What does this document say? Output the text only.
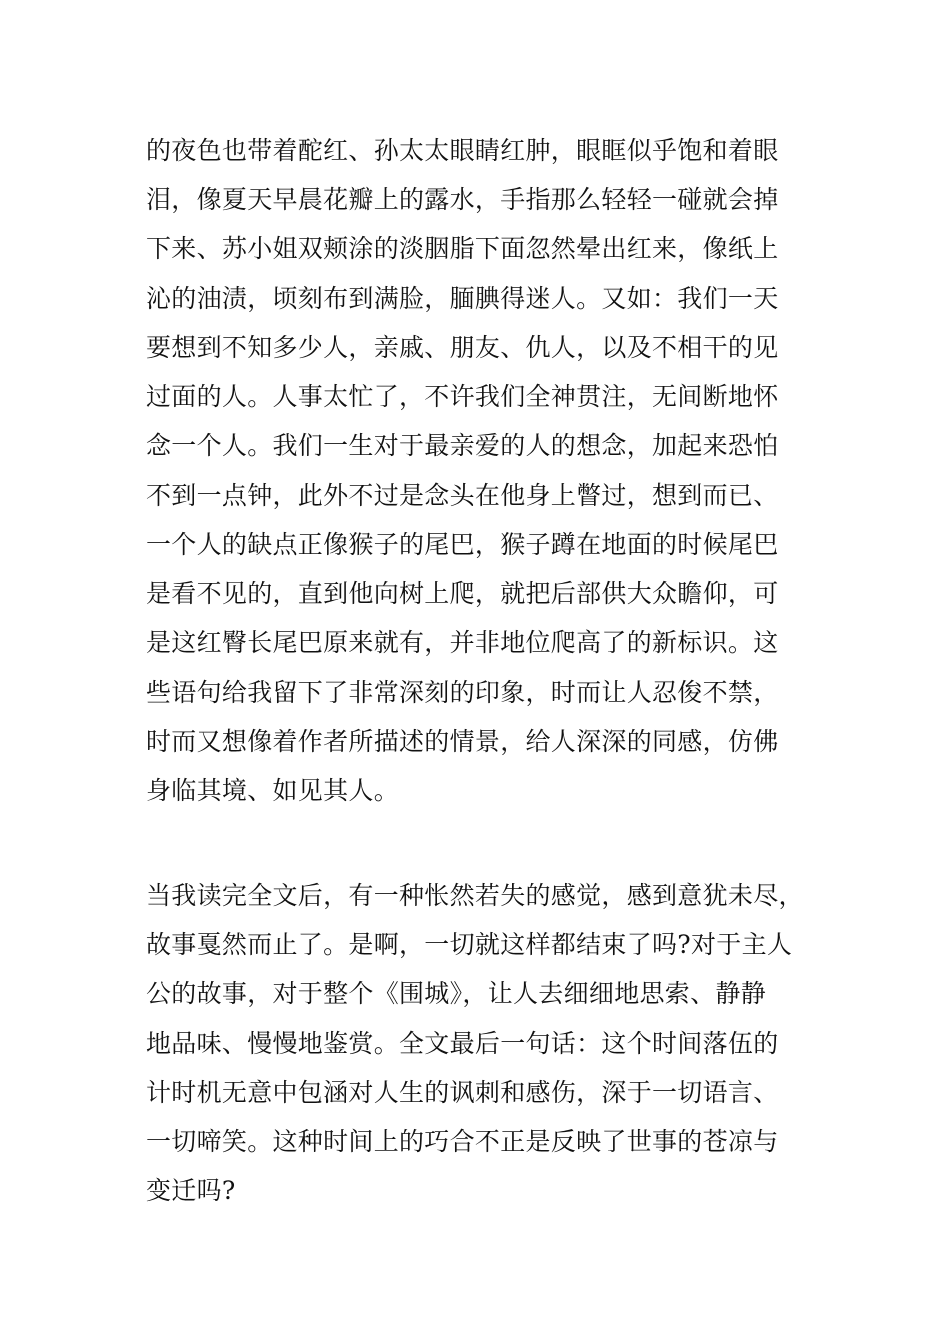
的夜色也带着酡红、孙太太眼睛红肿，眼眶似乎饱和着眼
泪，像夏天早晨花瓣上的露水，手指那么轻轻一碰就会掉
下来、苏小姐双颊涂的淡胭脂下面忽然晕出红来，像纸上
沁的油渍，顷刻布到满脸，腼腆得迷人。又如：我们一天
要想到不知多少人，亲戚、朋友、仇人，以及不相干的见
过面的人。人事太忙了，不许我们全神贯注，无间断地怀
念一个人。我们一生对于最亲爱的人的想念，加起来恐怕
不到一点钟，此外不过是念头在他身上瞥过，想到而已、
一个人的缺点正像猴子的尾巴，猴子蹲在地面的时候尾巴
是看不见的，直到他向树上爬，就把后部供大众瞻仰，可
是这红臀长尾巴原来就有，并非地位爬高了的新标识。这
些语句给我留下了非常深刻的印象，时而让人忍俊不禁，
时而又想像着作者所描述的情景，给人深深的同感，仿佛
身临其境、如见其人。
当我读完全文后，有一种怅然若失的感觉，感到意犹未尽，
故事戛然而止了。是啊，一切就这样都结束了吗?对于主人
公的故事，对于整个《围城》，让人去细细地思索、静静
地品味、慢慢地鉴赏。全文最后一句话：这个时间落伍的
计时机无意中包涵对人生的讽刺和感伤，深于一切语言、
一切啼笑。这种时间上的巧合不正是反映了世事的苍凉与
变迁吗?
